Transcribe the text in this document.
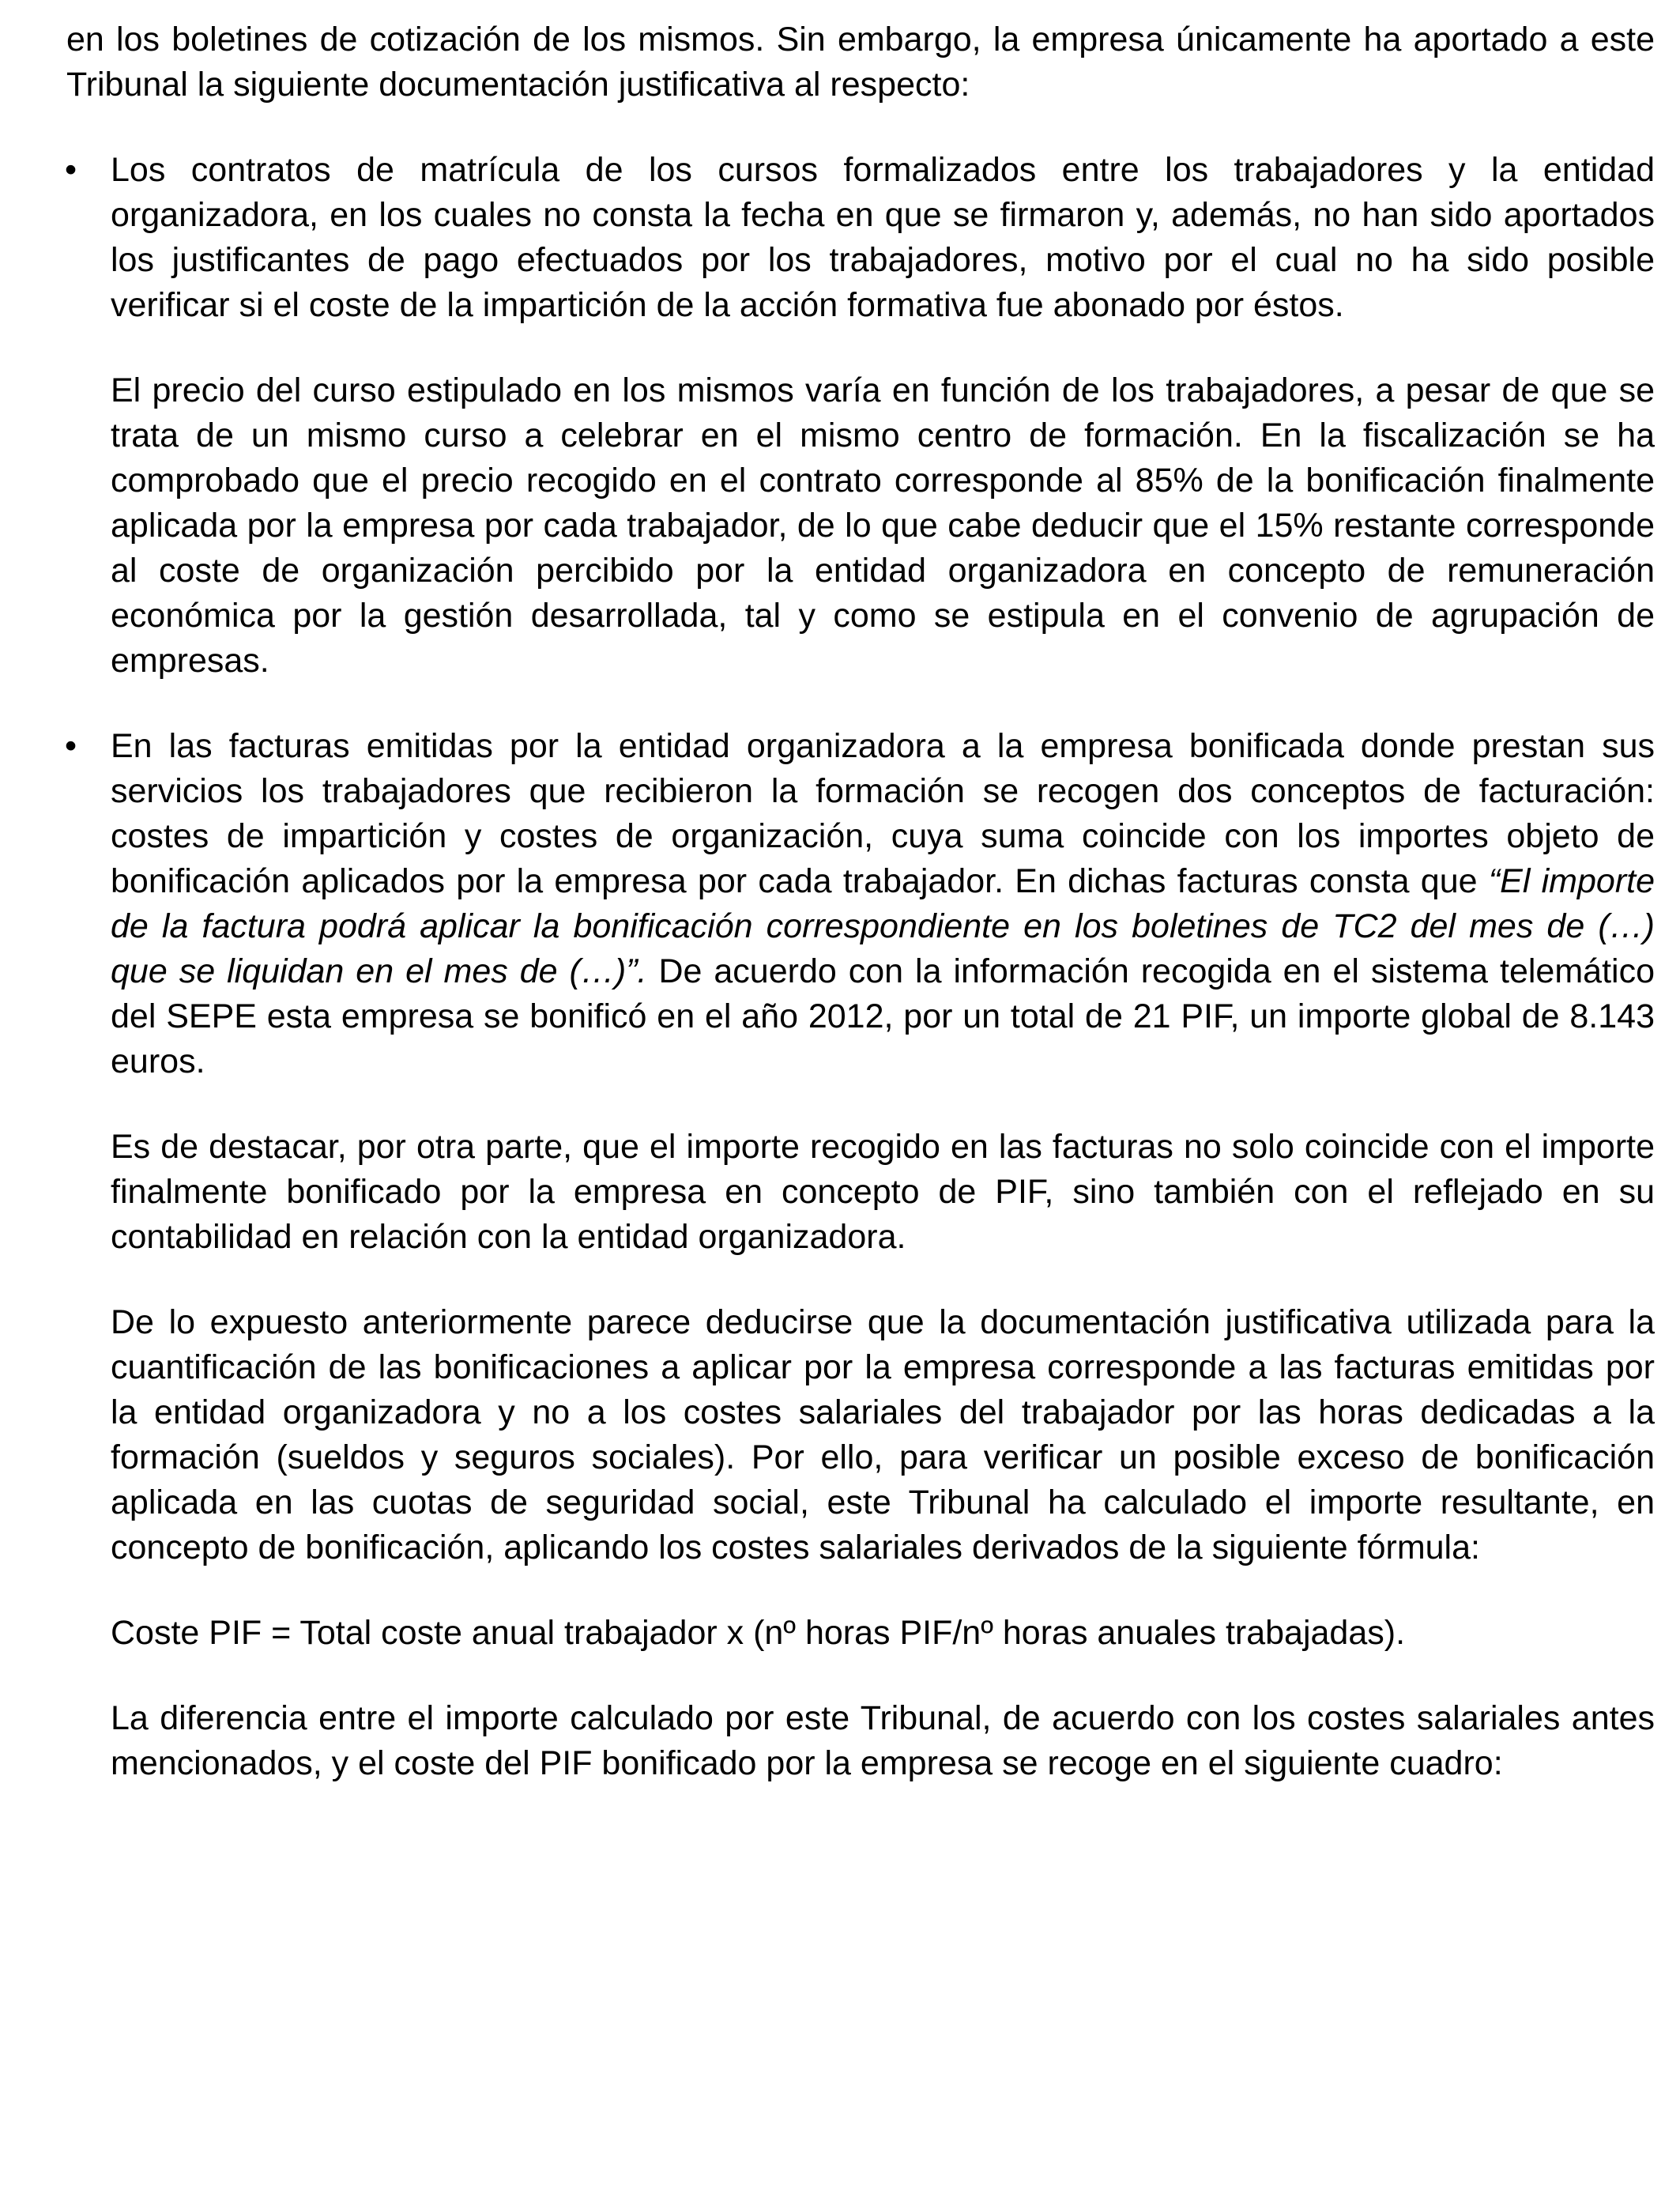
en los boletines de cotización de los mismos. Sin embargo, la empresa únicamente ha aportado a este Tribunal la siguiente documentación justificativa al respecto:

• Los contratos de matrícula de los cursos formalizados entre los trabajadores y la entidad organizadora, en los cuales no consta la fecha en que se firmaron y, además, no han sido aportados los justificantes de pago efectuados por los trabajadores, motivo por el cual no ha sido posible verificar si el coste de la impartición de la acción formativa fue abonado por éstos.

El precio del curso estipulado en los mismos varía en función de los trabajadores, a pesar de que se trata de un mismo curso a celebrar en el mismo centro de formación. En la fiscalización se ha comprobado que el precio recogido en el contrato corresponde al 85% de la bonificación finalmente aplicada por la empresa por cada trabajador, de lo que cabe deducir que el 15% restante corresponde al coste de organización percibido por la entidad organizadora en concepto de remuneración económica por la gestión desarrollada, tal y como se estipula en el convenio de agrupación de empresas.

• En las facturas emitidas por la entidad organizadora a la empresa bonificada donde prestan sus servicios los trabajadores que recibieron la formación se recogen dos conceptos de facturación: costes de impartición y costes de organización, cuya suma coincide con los importes objeto de bonificación aplicados por la empresa por cada trabajador. En dichas facturas consta que “El importe de la factura podrá aplicar la bonificación correspondiente en los boletines de TC2 del mes de (…) que se liquidan en el mes de (…)”. De acuerdo con la información recogida en el sistema telemático del SEPE esta empresa se bonificó en el año 2012, por un total de 21 PIF, un importe global de 8.143 euros.

Es de destacar, por otra parte, que el importe recogido en las facturas no solo coincide con el importe finalmente bonificado por la empresa en concepto de PIF, sino también con el reflejado en su contabilidad en relación con la entidad organizadora.

De lo expuesto anteriormente parece deducirse que la documentación justificativa utilizada para la cuantificación de las bonificaciones a aplicar por la empresa corresponde a las facturas emitidas por la entidad organizadora y no a los costes salariales del trabajador por las horas dedicadas a la formación (sueldos y seguros sociales). Por ello, para verificar un posible exceso de bonificación aplicada en las cuotas de seguridad social, este Tribunal ha calculado el importe resultante, en concepto de bonificación, aplicando los costes salariales derivados de la siguiente fórmula:

Coste PIF = Total coste anual trabajador x (nº horas PIF/nº horas anuales trabajadas).

La diferencia entre el importe calculado por este Tribunal, de acuerdo con los costes salariales antes mencionados, y el coste del PIF bonificado por la empresa se recoge en el siguiente cuadro:
